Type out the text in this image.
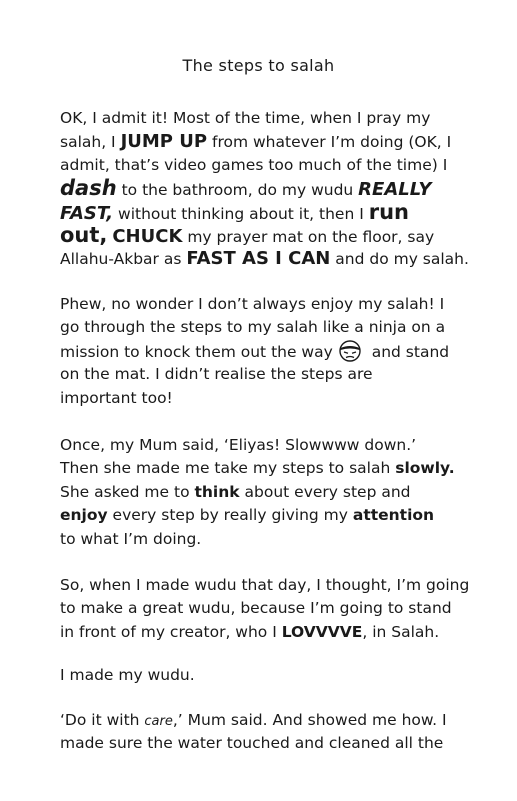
The steps to salah
OK, I admit it! Most of the time, when I pray my
salah, I JUMP UP from whatever I’m doing (OK, I
admit, that’s video games too much of the time) I
dash to the bathroom, do my wudu REALLY
FAST, without thinking about it, then I run
out, CHUCK my prayer mat on the floor, say
Allahu-Akbar as FAST AS I CAN and do my salah.
Phew, no wonder I don’t always enjoy my salah! I
go through the steps to my salah like a ninja on a
mission to knock them out the way and stand
on the mat. I didn’t realise the steps are
important too!
Once, my Mum said, ‘Eliyas! Slowwww down.’
Then she made me take my steps to salah slowly.
She asked me to think about every step and
enjoy every step by really giving my attention
to what I’m doing.
So, when I made wudu that day, I thought, I’m going
to make a great wudu, because I’m going to stand
in front of my creator, who I LOVVVVE, in Salah.
I made my wudu.
‘Do it with care,’ Mum said. And showed me how. I
made sure the water touched and cleaned all the
